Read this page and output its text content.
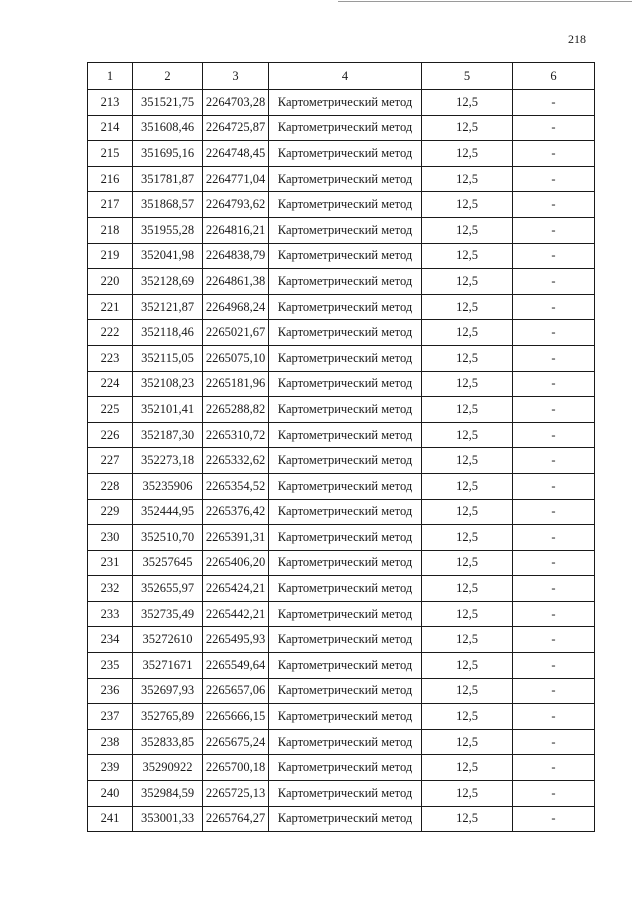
218
1	2	3	4	5	6
213	351521,75	2264703,28	Картометрический метод	12,5	-
214	351608,46	2264725,87	Картометрический метод	12,5	-
215	351695,16	2264748,45	Картометрический метод	12,5	-
216	351781,87	2264771,04	Картометрический метод	12,5	-
217	351868,57	2264793,62	Картометрический метод	12,5	-
218	351955,28	2264816,21	Картометрический метод	12,5	-
219	352041,98	2264838,79	Картометрический метод	12,5	-
220	352128,69	2264861,38	Картометрический метод	12,5	-
221	352121,87	2264968,24	Картометрический метод	12,5	-
222	352118,46	2265021,67	Картометрический метод	12,5	-
223	352115,05	2265075,10	Картометрический метод	12,5	-
224	352108,23	2265181,96	Картометрический метод	12,5	-
225	352101,41	2265288,82	Картометрический метод	12,5	-
226	352187,30	2265310,72	Картометрический метод	12,5	-
227	352273,18	2265332,62	Картометрический метод	12,5	-
228	35235906	2265354,52	Картометрический метод	12,5	-
229	352444,95	2265376,42	Картометрический метод	12,5	-
230	352510,70	2265391,31	Картометрический метод	12,5	-
231	35257645	2265406,20	Картометрический метод	12,5	-
232	352655,97	2265424,21	Картометрический метод	12,5	-
233	352735,49	2265442,21	Картометрический метод	12,5	-
234	35272610	2265495,93	Картометрический метод	12,5	-
235	35271671	2265549,64	Картометрический метод	12,5	-
236	352697,93	2265657,06	Картометрический метод	12,5	-
237	352765,89	2265666,15	Картометрический метод	12,5	-
238	352833,85	2265675,24	Картометрический метод	12,5	-
239	35290922	2265700,18	Картометрический метод	12,5	-
240	352984,59	2265725,13	Картометрический метод	12,5	-
241	353001,33	2265764,27	Картометрический метод	12,5	-
